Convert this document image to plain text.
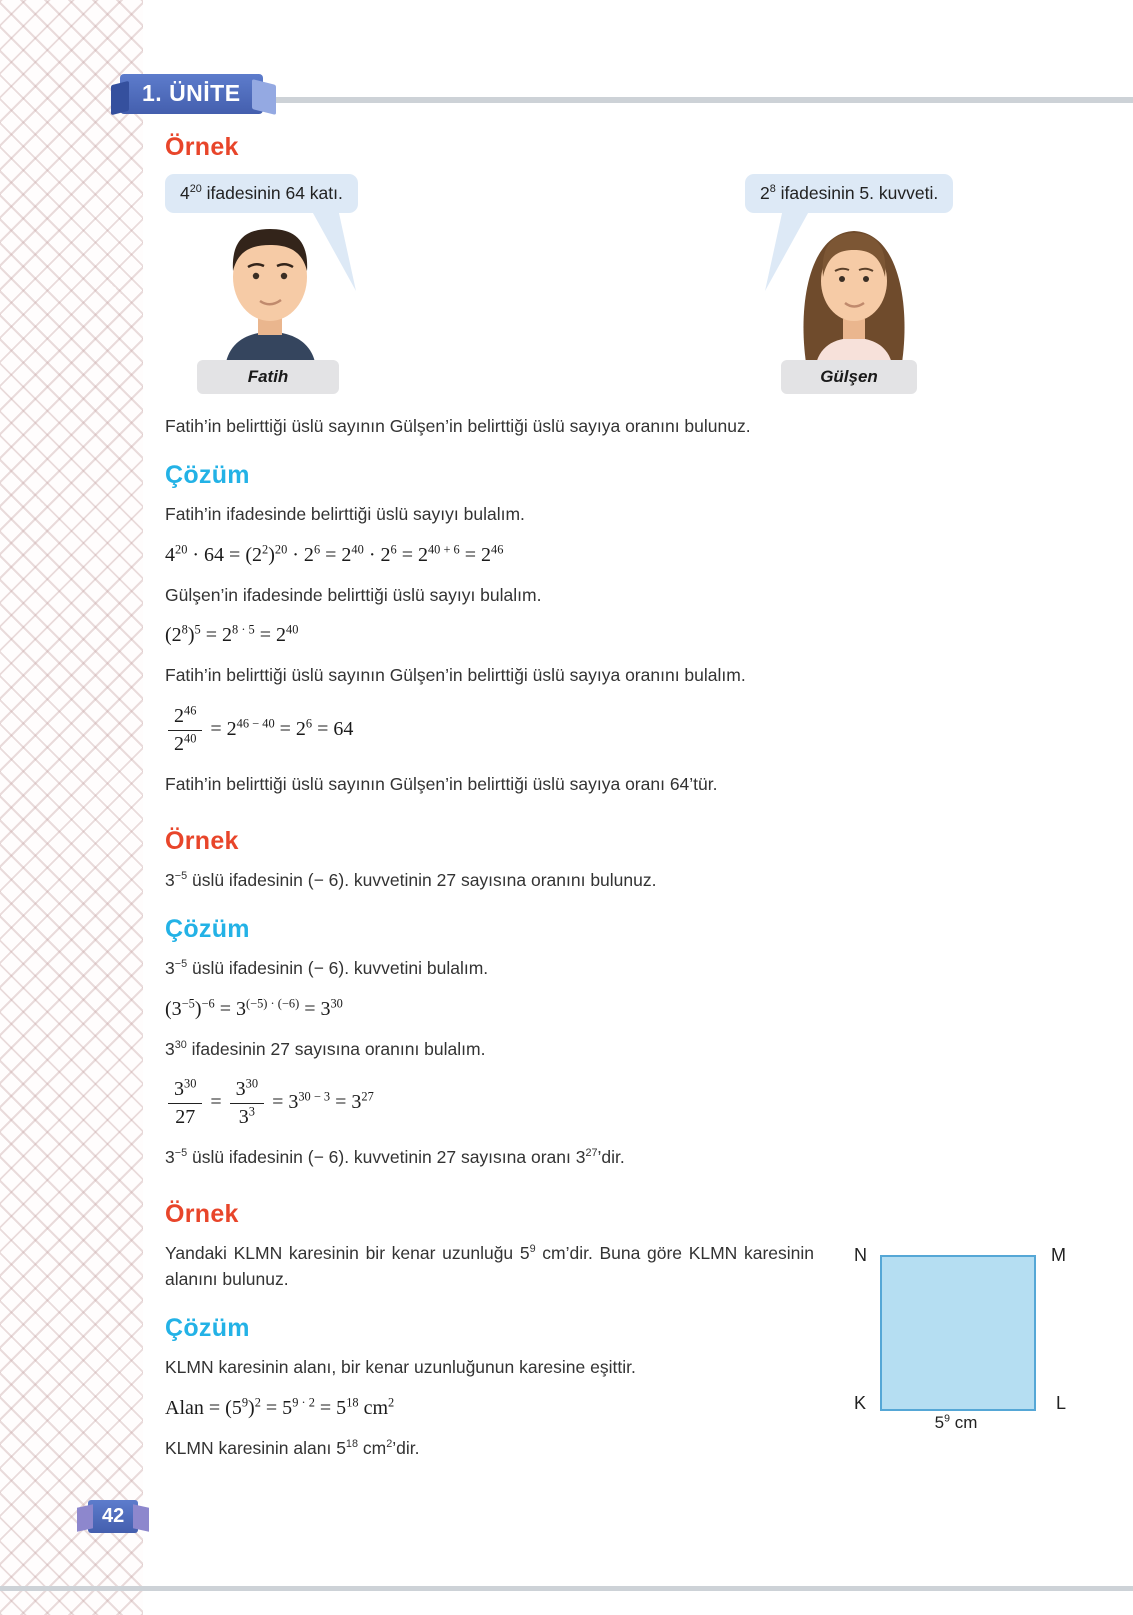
1. ÜNİTE
Örnek
$4^{20}$ ifadesinin 64 katı.	$2^8$ ifadesinin 5. kuvveti.
Fatih	Gülşen

Fatih’in belirttiği üslü sayının Gülşen’in belirttiği üslü sayıya oranını bulunuz.

Çözüm

Fatih’in ifadesinde belirttiği üslü sayıyı bulalım.

$4^{20} \cdot 64 = (2^2)^{20} \cdot 2^6 = 2^{40} \cdot 2^6 = 2^{40 + 6} = 2^{46}$

Gülşen’in ifadesinde belirttiği üslü sayıyı bulalım.

$(2^8)^5 = 2^{8 \cdot 5} = 2^{40}$

Fatih’in belirttiği üslü sayının Gülşen’in belirttiği üslü sayıya oranını bulalım.

$\frac{2^{46}}{2^{40}} = 2^{46 - 40} = 2^6 = 64$

Fatih’in belirttiği üslü sayının Gülşen’in belirttiği üslü sayıya oranı 64’tür.

Örnek

$3^{-5}$ üslü ifadesinin (− 6). kuvvetinin 27 sayısına oranını bulunuz.

Çözüm

$3^{-5}$ üslü ifadesinin (− 6). kuvvetini bulalım.

$(3^{-5})^{-6} = 3^{(-5) \cdot (-6)} = 3^{30}$

$3^{30}$ ifadesinin 27 sayısına oranını bulalım.

$\frac{3^{30}}{27} = \frac{3^{30}}{3^3} = 3^{30 - 3} = 3^{27}$

$3^{-5}$ üslü ifadesinin (− 6). kuvvetinin 27 sayısına oranı $3^{27}’dir$.

Örnek
N	M
K	L
$5^9$ cm

Yandaki KLMN karesinin bir kenar uzunluğu $5^9$ cm’dir. Buna göre KLMN karesinin alanını bulunuz.

Çözüm

KLMN karesinin alanı, bir kenar uzunluğunun karesine eşittir.

Alan = $(5^9)^2 = 5^{9 \cdot 2} = 5^{18}$ $cm^2$

KLMN karesinin alanı $5^{18}$ $cm^2’dir$.

42
